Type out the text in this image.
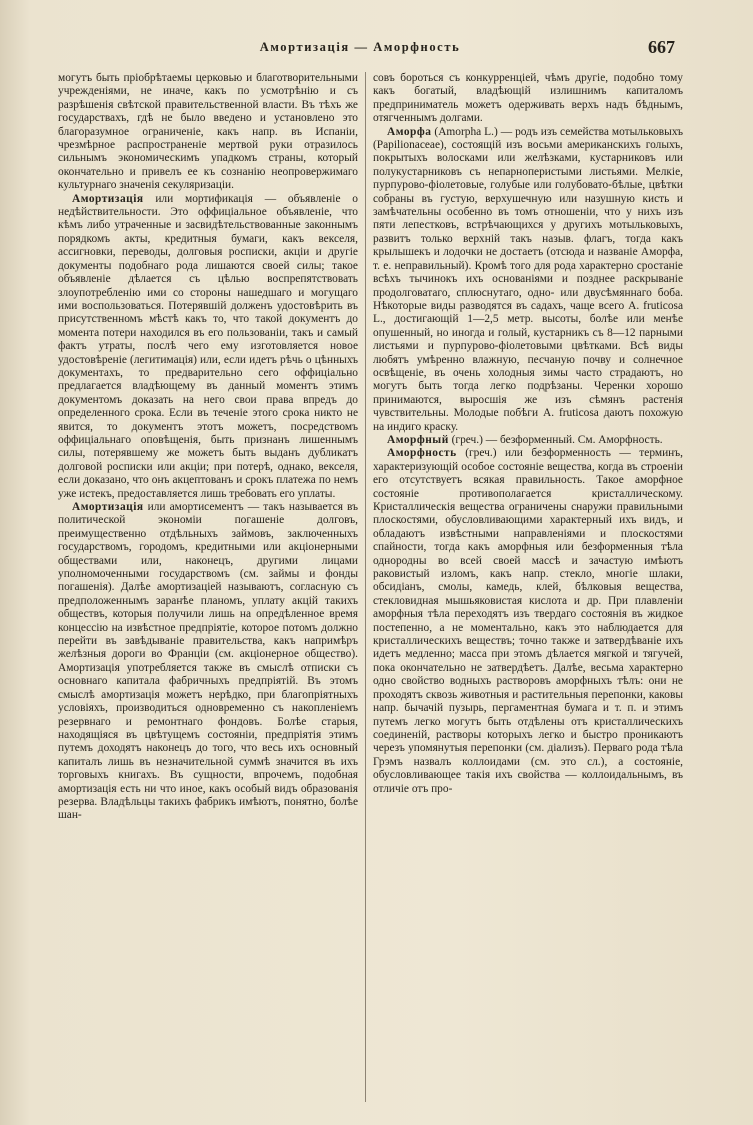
Амортизація — Аморфность	667

могутъ быть пріобрѣтаемы церковью и благотворительными учрежденіями, не иначе, какъ по усмотрѣнію и съ разрѣшенія свѣтской правительственной власти. Въ тѣхъ же государствахъ, гдѣ не было введено и установлено это благоразумное ограниченіе, какъ напр. въ Испаніи, чрезмѣрное распространеніе мертвой руки отразилось сильнымъ экономическимъ упадкомъ страны, который окончательно и привелъ ее къ сознанію неопровержимаго культурнаго значенія секуляризаціи.

Амортизація или мортификація — объявленіе о недѣйствительности. Это оффиціальное объявленіе, что кѣмъ либо утраченные и засвидѣтельствованные законнымъ порядкомъ акты, кредитныя бумаги, какъ векселя, ассигновки, переводы, долговыя росписки, акціи и другіе документы подобнаго рода лишаются своей силы; такое объявленіе дѣлается съ цѣлью воспрепятствовать злоупотребленію ими со стороны нашедшаго и могущаго ими воспользоваться. Потерявшій долженъ удостовѣрить въ присутственномъ мѣстѣ какъ то, что такой документъ до момента потери находился въ его пользованіи, такъ и самый фактъ утраты, послѣ чего ему изготовляется новое удостовѣреніе (легитимація) или, если идетъ рѣчь о цѣнныхъ документахъ, то предварительно сего оффиціально предлагается владѣющему въ данный моментъ этимъ документомъ доказать на него свои права впредъ до определенного срока. Если въ теченіе этого срока никто не явится, то документъ этотъ можетъ, посредствомъ оффиціальнаго оповѣщенія, быть признанъ лишеннымъ силы, потерявшему же можетъ быть выданъ дубликатъ долговой росписки или акціи; при потерѣ, однако, векселя, если доказано, что онъ акцептованъ и срокъ платежа по немъ уже истекъ, предоставляется лишь требовать его уплаты.

Амортизація или амортисементъ — такъ называется въ политической экономіи погашеніе долговъ, преимущественно отдѣльныхъ займовъ, заключенныхъ государствомъ, городомъ, кредитными или акціонерными обществами или, наконецъ, другими лицами уполномоченными государствомъ (см. займы и фонды погашенія). Далѣе амортизаціей называютъ, согласную съ предположеннымъ заранѣе планомъ, уплату акцій такихъ обществъ, которыя получили лишь на опредѣленное время концессію на извѣстное предпріятіе, которое потомъ должно перейти въ завѣдываніе правительства, какъ напримѣръ желѣзныя дороги во Франціи (см. акціонерное общество). Амортизація употребляется также въ смыслѣ отписки съ основнаго капитала фабричныхъ предпріятій. Въ этомъ смыслѣ амортизація можетъ нерѣдко, при благопріятныхъ условіяхъ, производиться одновременно съ накопленіемъ резервнаго и ремонтнаго фондовъ. Болѣе старыя, находящіяся въ цвѣтущемъ состояніи, предпріятія этимъ путемъ доходятъ наконецъ до того, что весь ихъ основный капиталъ лишь въ незначительной суммѣ значится въ ихъ торговыхъ книгахъ. Въ сущности, впрочемъ, подобная амортизація есть ни что иное, какъ особый видъ образованія резерва. Владѣльцы такихъ фабрикъ имѣютъ, понятно, болѣе шан-

совъ бороться съ конкурренціей, чѣмъ другіе, подобно тому какъ богатый, владѣющій излишнимъ капиталомъ предприниматель можетъ одерживать верхъ надъ бѣднымъ, отягченнымъ долгами.

Аморфа (Amorpha L.) — родъ изъ семейства мотыльковыхъ (Papilionaceae), состоящій изъ восьми американскихъ голыхъ, покрытыхъ волосками или желѣзками, кустарниковъ или полукустарниковъ съ непарноперистыми листьями. Мелкіе, пурпурово-фіолетовые, голубые или голубовато-бѣлые, цвѣтки собраны въ густую, верхушечную или назушную кисть и замѣчательны особенно въ томъ отношеніи, что у нихъ изъ пяти лепестковъ, встрѣчающихся у другихъ мотыльковыхъ, развитъ только верхній такъ назыв. флагъ, тогда какъ крылышекъ и лодочки не достаетъ (отсюда и названіе Аморфа, т. е. неправильный). Кромѣ того для рода характерно сростаніе всѣхъ тычинокъ ихъ основаніями и позднее раскрываніе продолговатаго, сплюснутаго, одно- или двусѣмяннаго боба. Нѣкоторые виды разводятся въ садахъ, чаще всего A. fruticosa L., достигающій 1—2,5 метр. высоты, болѣе или менѣе опушенный, но иногда и голый, кустарникъ съ 8—12 парными листьями и пурпурово-фіолетовыми цвѣтками. Всѣ виды любятъ умѣренно влажную, песчаную почву и солнечное освѣщеніе, въ очень холодныя зимы часто страдаютъ, но могутъ быть тогда легко подрѣзаны. Черенки хорошо принимаются, выросшія же изъ сѣмянъ растенія чувствительны. Молодые побѣги A. fruticosa даютъ похожую на индиго краску.

Аморфный (греч.) — безформенный. См. Аморфность.

Аморфность (греч.) или безформенность — терминъ, характеризующій особое состояніе вещества, когда въ строеніи его отсутствуетъ всякая правильность. Такое аморфное состояніе противополагается кристаллическому. Кристаллическія вещества ограничены снаружи правильными плоскостями, обусловливающими характерный ихъ видъ, и обладаютъ извѣстными направленіями и плоскостями спайности, тогда какъ аморфныя или безформенныя тѣла однородны во всей своей массѣ и зачастую имѣютъ раковистый изломъ, какъ напр. стекло, многіе шлаки, обсидіанъ, смолы, камедь, клей, бѣлковыя вещества, стекловидная мышьяковистая кислота и др. При плавленіи аморфныя тѣла переходятъ изъ твердаго состоянія въ жидкое постепенно, а не моментально, какъ это наблюдается для кристаллическихъ веществъ; точно также и затвердѣваніе ихъ идетъ медленно; масса при этомъ дѣлается мягкой и тягучей, пока окончательно не затвердѣетъ. Далѣе, весьма характерно одно свойство водныхъ растворовъ аморфныхъ тѣлъ: они не проходятъ сквозь животныя и растительныя перепонки, каковы напр. бычачій пузырь, пергаментная бумага и т. п. и этимъ путемъ легко могутъ быть отдѣлены отъ кристаллическихъ соединеній, растворы которыхъ легко и быстро проникаютъ черезъ упомянутыя перепонки (см. діализъ). Перваго рода тѣла Грэмъ назвалъ коллоидами (см. это сл.), а состояніе, обусловливающее такія ихъ свойства — коллоидальнымъ, въ отличіе отъ про-
